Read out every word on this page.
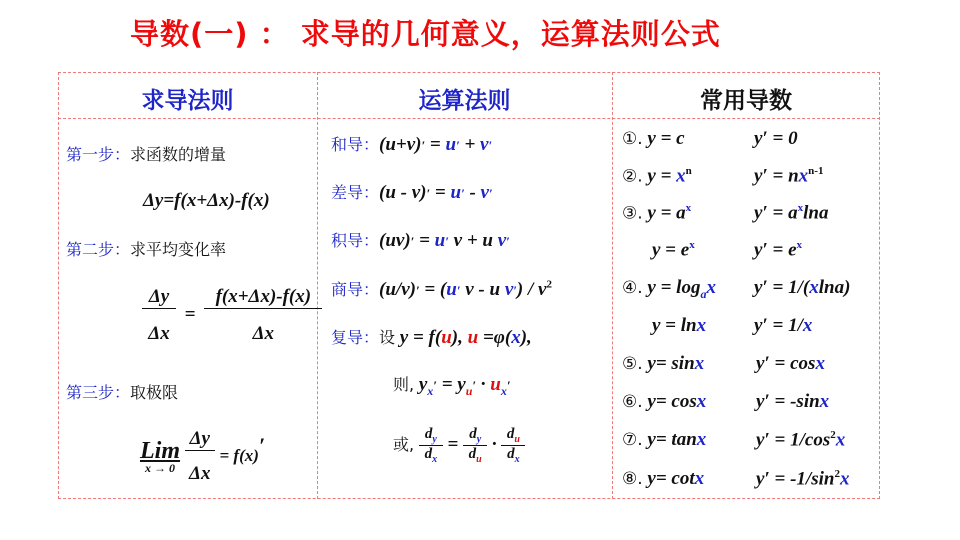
导数(一) ： 求导的几何意义，运算法则公式
求导法则	运算法则	常用导数
第一步：求函数的增量
Δy=f(x+Δx)-f(x)
第二步：求平均变化率
$\frac{\Delta y}{\Delta x} = \frac{f(x+\Delta x)-f(x)}{\Delta x}$
第三步：取极限
Lim
x → 0
$\frac{\Delta y}{\Delta x} = f(x)'$
和导：(u+v)′ = u′ + v′
差导：(u - v)′ = u′ - v′
积导：(uv)′ = u′ v + u v′
商导：(u/v)′ = (u′ v - u $v') / v^2$
复导：设 y = f(u), u =φ(x),
则, $y_x' = y_u' \cdot u_x'$
或, $\frac{d_y}{d_x} = \frac{d_y}{d_u} \cdot \frac{d_u}{d_x}$
①. y = c	y′ = 0
②. $y = x^n$	$y' = nx^{n-1}$
③. $y = a^x$	$y' = a^x\ln a$
$y = e^x$	$y' = e^x$
④. $y = \log_ax$ y′ = 1/(xlna)
y = lnx	y′ = 1/x
⑤. y= sinx	y′ = cosx
⑥. y= cosx	y′ = -sinx
⑦. y= tanx	$y' = 1/\cos^2x$
⑧. y= cotx	$y' = -1/\sin^2x$
